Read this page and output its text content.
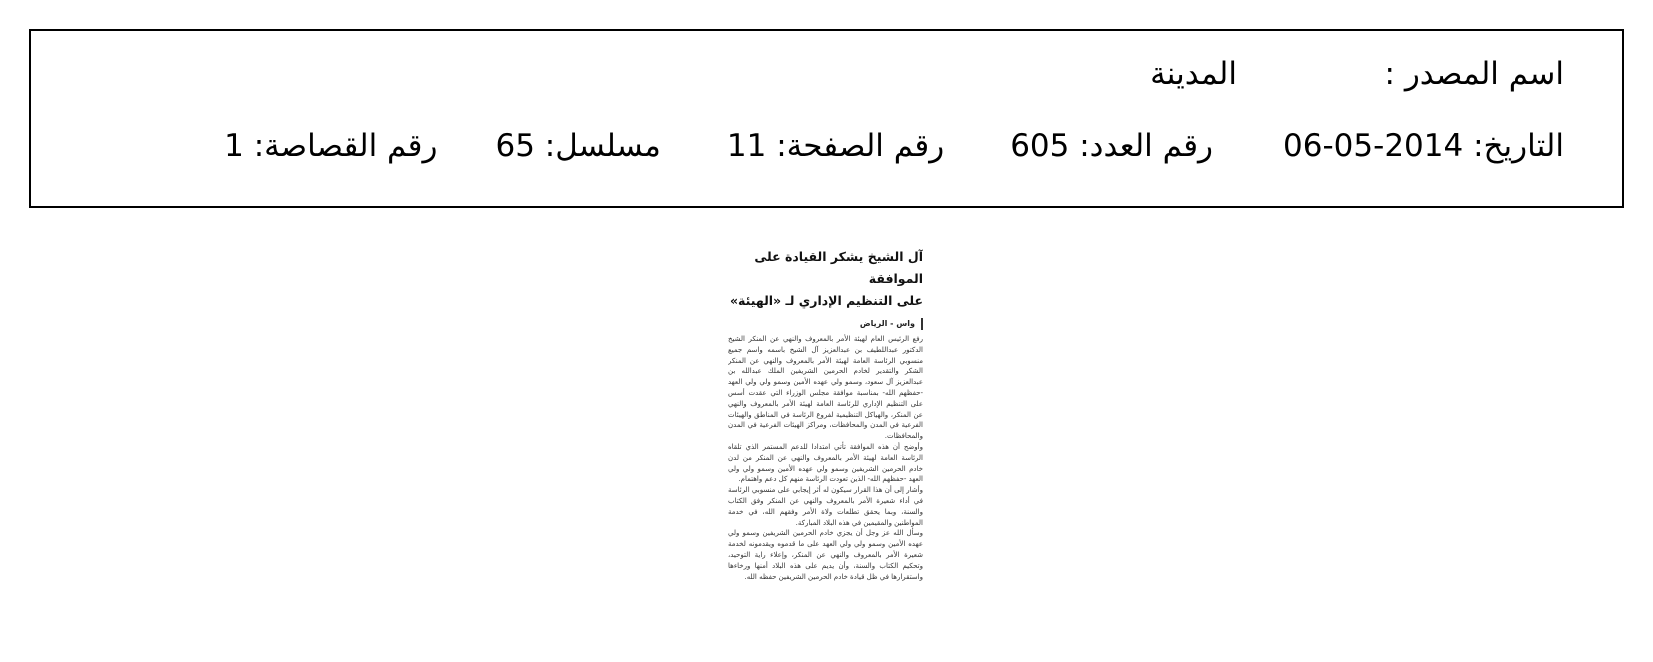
اسم المصدر :
المدينة
التاريخ: 2014-05-06
رقم العدد: 605
رقم الصفحة: 11
مسلسل: 65
رقم القصاصة: 1
آل الشيخ يشكر القيادة على الموافقة
على التنظيم الإداري لـ «الهيئة»
واس - الرياض

رفع الرئيس العام لهيئة الأمر بالمعروف والنهي عن المنكر الشيخ الدكتور عبداللطيف بن عبدالعزيز آل الشيخ باسمه واسم جميع منسوبي الرئاسة العامة لهيئة الأمر بالمعروف والنهي عن المنكر الشكر والتقدير لخادم الحرمين الشريفين الملك عبدالله بن عبدالعزيز آل سعود، وسمو ولي عهده الأمين وسمو ولي ولي العهد -حفظهم الله- بمناسبة موافقة مجلس الوزراء التي عقدت أسس على التنظيم الإداري للرئاسة العامة لهيئة الأمر بالمعروف والنهي عن المنكر، والهياكل التنظيمية لفروع الرئاسة في المناطق والهيئات الفرعية في المدن والمحافظات، ومراكز الهيئات الفرعية في المدن والمحافظات.

وأوضح أن هذه الموافقة تأتي امتدادا للدعم المستمر الذي تلقاه الرئاسة العامة لهيئة الأمر بالمعروف والنهي عن المنكر من لدن خادم الحرمين الشريفين وسمو ولي عهده الأمين وسمو ولي ولي العهد -حفظهم الله- الذين تعودت الرئاسة منهم كل دعم واهتمام.

وأشار إلى أن هذا القرار سيكون له أثر إيجابي على منسوبي الرئاسة في أداء شعيرة الأمر بالمعروف والنهي عن المنكر وفق الكتاب والسنة، وبما يحقق تطلعات ولاة الأمر وفقهم الله، في خدمة المواطنين والمقيمين في هذه البلاد المباركة.

وسأل الله عز وجل أن يجزي خادم الحرمين الشريفين وسمو ولي عهده الأمين وسمو ولي ولي العهد على ما قدموه ويقدمونه لخدمة شعيرة الأمر بالمعروف والنهي عن المنكر، وإعلاء راية التوحيد، وتحكيم الكتاب والسنة، وأن يديم على هذه البلاد أمنها ورخاءها واستقرارها في ظل قيادة خادم الحرمين الشريفين حفظه الله.
